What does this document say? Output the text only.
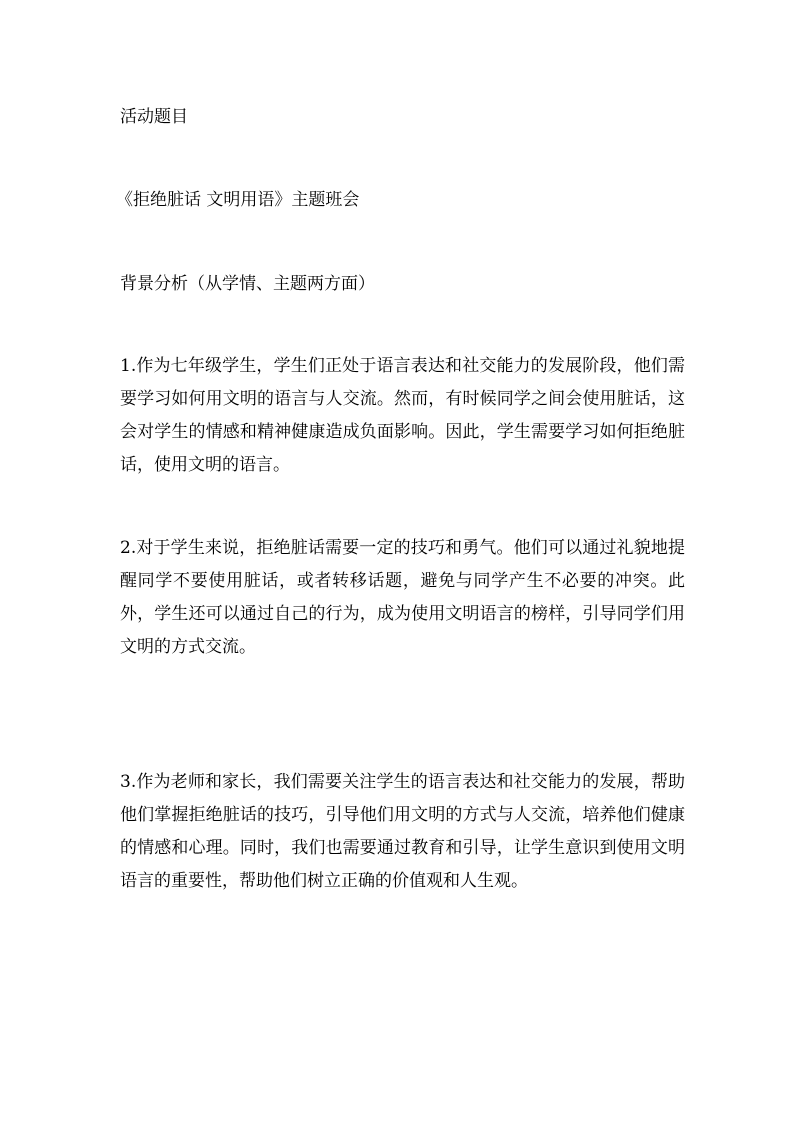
活动题目
《拒绝脏话 文明用语》主题班会
背景分析（从学情、主题两方面）
1.作为七年级学生，学生们正处于语言表达和社交能力的发展阶段，他们需要学习如何用文明的语言与人交流。然而，有时候同学之间会使用脏话，这会对学生的情感和精神健康造成负面影响。因此，学生需要学习如何拒绝脏话，使用文明的语言。
2.对于学生来说，拒绝脏话需要一定的技巧和勇气。他们可以通过礼貌地提醒同学不要使用脏话，或者转移话题，避免与同学产生不必要的冲突。此外，学生还可以通过自己的行为，成为使用文明语言的榜样，引导同学们用文明的方式交流。
3.作为老师和家长，我们需要关注学生的语言表达和社交能力的发展，帮助他们掌握拒绝脏话的技巧，引导他们用文明的方式与人交流，培养他们健康的情感和心理。同时，我们也需要通过教育和引导，让学生意识到使用文明语言的重要性，帮助他们树立正确的价值观和人生观。
